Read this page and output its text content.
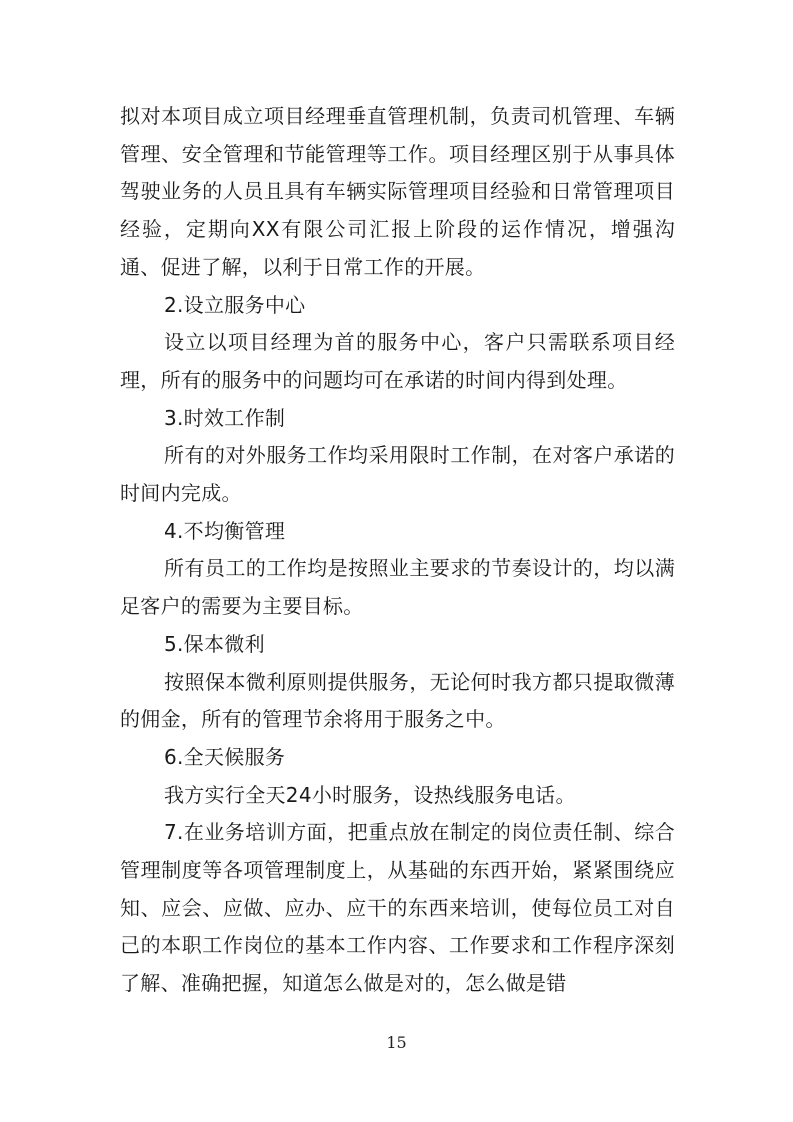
拟对本项目成立项目经理垂直管理机制，负责司机管理、车辆管理、安全管理和节能管理等工作。项目经理区别于从事具体驾驶业务的人员且具有车辆实际管理项目经验和日常管理项目经验，定期向XX有限公司汇报上阶段的运作情况，增强沟通、促进了解，以利于日常工作的开展。

2.设立服务中心

设立以项目经理为首的服务中心，客户只需联系项目经理，所有的服务中的问题均可在承诺的时间内得到处理。

3.时效工作制

所有的对外服务工作均采用限时工作制，在对客户承诺的时间内完成。

4.不均衡管理

所有员工的工作均是按照业主要求的节奏设计的，均以满足客户的需要为主要目标。

5.保本微利

按照保本微利原则提供服务，无论何时我方都只提取微薄的佣金，所有的管理节余将用于服务之中。

6.全天候服务

我方实行全天24小时服务，设热线服务电话。

7.在业务培训方面，把重点放在制定的岗位责任制、综合管理制度等各项管理制度上，从基础的东西开始，紧紧围绕应知、应会、应做、应办、应干的东西来培训，使每位员工对自己的本职工作岗位的基本工作内容、工作要求和工作程序深刻了解、准确把握，知道怎么做是对的，怎么做是错

15
